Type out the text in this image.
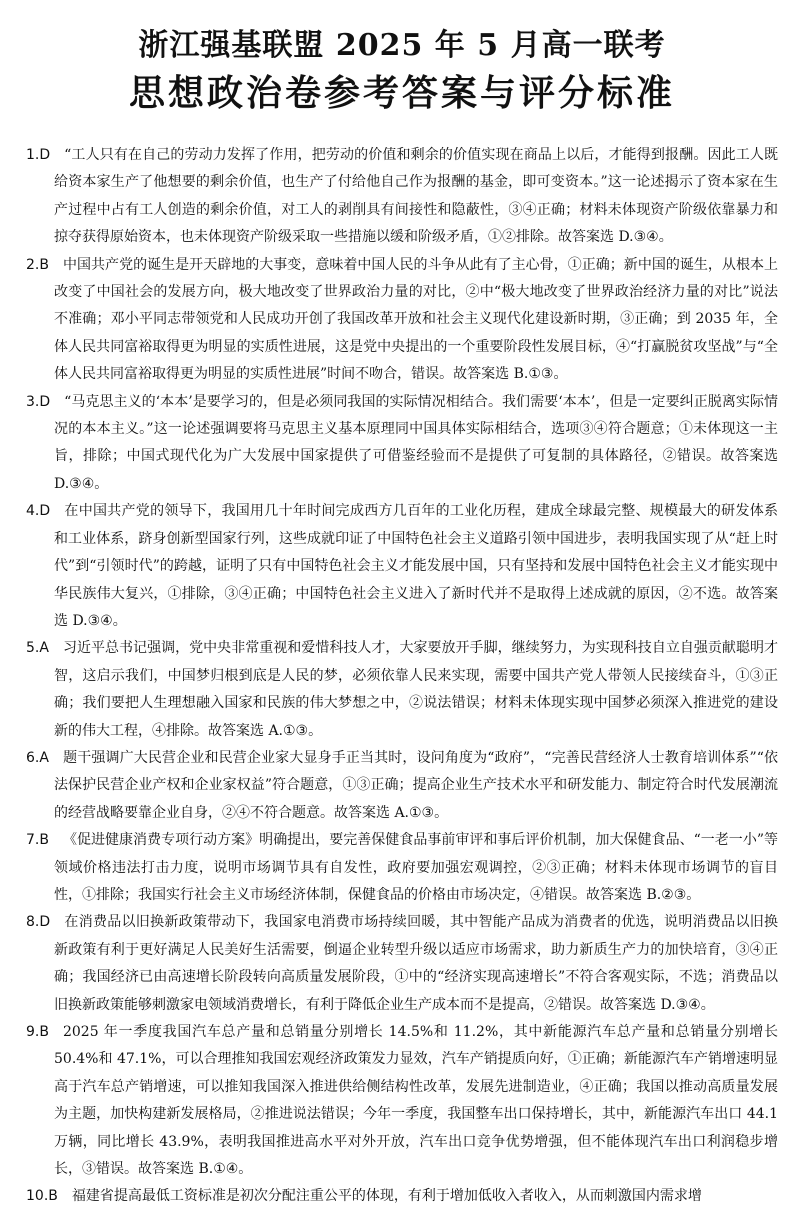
浙江强基联盟 2025 年 5 月高一联考
思想政治卷参考答案与评分标准

1.D “工人只有在自己的劳动力发挥了作用，把劳动的价值和剩余的价值实现在商品上以后，才能得到报酬。因此工人既给资本家生产了他想要的剩余价值，也生产了付给他自己作为报酬的基金，即可变资本。”这一论述揭示了资本家在生产过程中占有工人创造的剩余价值，对工人的剥削具有间接性和隐蔽性，③④正确；材料未体现资产阶级依靠暴力和掠夺获得原始资本，也未体现资产阶级采取一些措施以缓和阶级矛盾，①②排除。故答案选 D.③④。

2.B 中国共产党的诞生是开天辟地的大事变，意味着中国人民的斗争从此有了主心骨，①正确；新中国的诞生，从根本上改变了中国社会的发展方向，极大地改变了世界政治力量的对比，②中“极大地改变了世界政治经济力量的对比”说法不准确；邓小平同志带领党和人民成功开创了我国改革开放和社会主义现代化建设新时期，③正确；到 2035 年，全体人民共同富裕取得更为明显的实质性进展，这是党中央提出的一个重要阶段性发展目标，④“打赢脱贫攻坚战”与“全体人民共同富裕取得更为明显的实质性进展”时间不吻合，错误。故答案选 B.①③。

3.D “马克思主义的‘本本’是要学习的，但是必须同我国的实际情况相结合。我们需要‘本本’，但是一定要纠正脱离实际情况的本本主义。”这一论述强调要将马克思主义基本原理同中国具体实际相结合，选项③④符合题意；①未体现这一主旨，排除；中国式现代化为广大发展中国家提供了可借鉴经验而不是提供了可复制的具体路径，②错误。故答案选 D.③④。

4.D 在中国共产党的领导下，我国用几十年时间完成西方几百年的工业化历程，建成全球最完整、规模最大的研发体系和工业体系，跻身创新型国家行列，这些成就印证了中国特色社会主义道路引领中国进步，表明我国实现了从“赶上时代”到“引领时代”的跨越，证明了只有中国特色社会主义才能发展中国，只有坚持和发展中国特色社会主义才能实现中华民族伟大复兴，①排除，③④正确；中国特色社会主义进入了新时代并不是取得上述成就的原因，②不选。故答案选 D.③④。

5.A 习近平总书记强调，党中央非常重视和爱惜科技人才，大家要放开手脚，继续努力，为实现科技自立自强贡献聪明才智，这启示我们，中国梦归根到底是人民的梦，必须依靠人民来实现，需要中国共产党人带领人民接续奋斗，①③正确；我们要把人生理想融入国家和民族的伟大梦想之中，②说法错误；材料未体现实现中国梦必须深入推进党的建设新的伟大工程，④排除。故答案选 A.①③。

6.A 题干强调广大民营企业和民营企业家大显身手正当其时，设问角度为“政府”，“完善民营经济人士教育培训体系”“依法保护民营企业产权和企业家权益”符合题意，①③正确；提高企业生产技术水平和研发能力、制定符合时代发展潮流的经营战略要靠企业自身，②④不符合题意。故答案选 A.①③。

7.B 《促进健康消费专项行动方案》明确提出，要完善保健食品事前审评和事后评价机制，加大保健食品、“一老一小”等领域价格违法打击力度，说明市场调节具有自发性，政府要加强宏观调控，②③正确；材料未体现市场调节的盲目性，①排除；我国实行社会主义市场经济体制，保健食品的价格由市场决定，④错误。故答案选 B.②③。

8.D 在消费品以旧换新政策带动下，我国家电消费市场持续回暖，其中智能产品成为消费者的优选，说明消费品以旧换新政策有利于更好满足人民美好生活需要，倒逼企业转型升级以适应市场需求，助力新质生产力的加快培育，③④正确；我国经济已由高速增长阶段转向高质量发展阶段，①中的“经济实现高速增长”不符合客观实际，不选；消费品以旧换新政策能够刺激家电领域消费增长，有利于降低企业生产成本而不是提高，②错误。故答案选 D.③④。

9.B 2025 年一季度我国汽车总产量和总销量分别增长 14.5%和 11.2%，其中新能源汽车总产量和总销量分别增长 50.4%和 47.1%，可以合理推知我国宏观经济政策发力显效，汽车产销提质向好，①正确；新能源汽车产销增速明显高于汽车总产销增速，可以推知我国深入推进供给侧结构性改革，发展先进制造业，④正确；我国以推动高质量发展为主题，加快构建新发展格局，②推进说法错误；今年一季度，我国整车出口保持增长，其中，新能源汽车出口 44.1 万辆，同比增长 43.9%，表明我国推进高水平对外开放，汽车出口竞争优势增强，但不能体现汽车出口利润稳步增长，③错误。故答案选 B.①④。

10.B 福建省提高最低工资标准是初次分配注重公平的体现，有利于增加低收入者收入，从而刺激国内需求增
